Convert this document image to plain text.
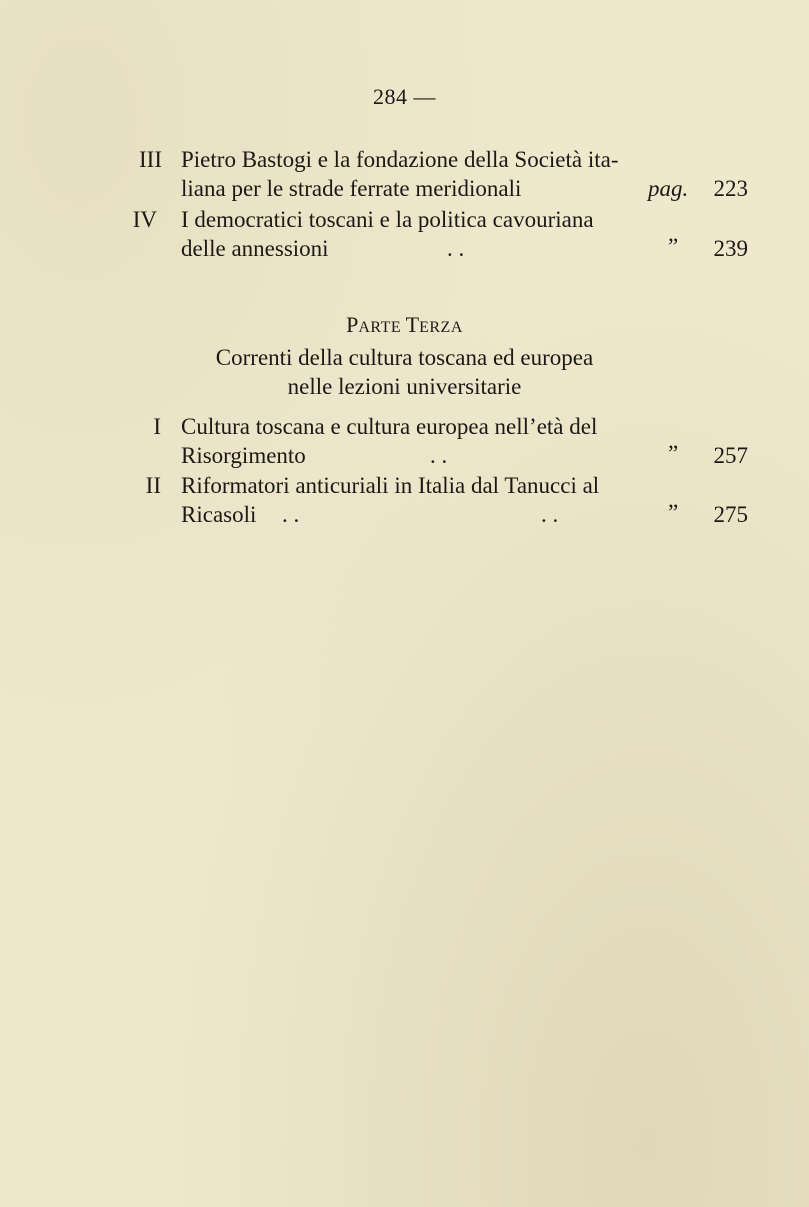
284 —
III Pietro Bastogi e la fondazione della Società ita-
liana per le strade ferrate meridionali	pag.	223
IV I democratici toscani e la politica cavouriana
delle annessioni	. .	”	239
PARTE TERZA
Correnti della cultura toscana ed europea
nelle lezioni universitarie
I Cultura toscana e cultura europea nell’età del
Risorgimento	. .	”	257
II Riformatori anticuriali in Italia dal Tanucci al
Ricasoli . .	. .	”	275
